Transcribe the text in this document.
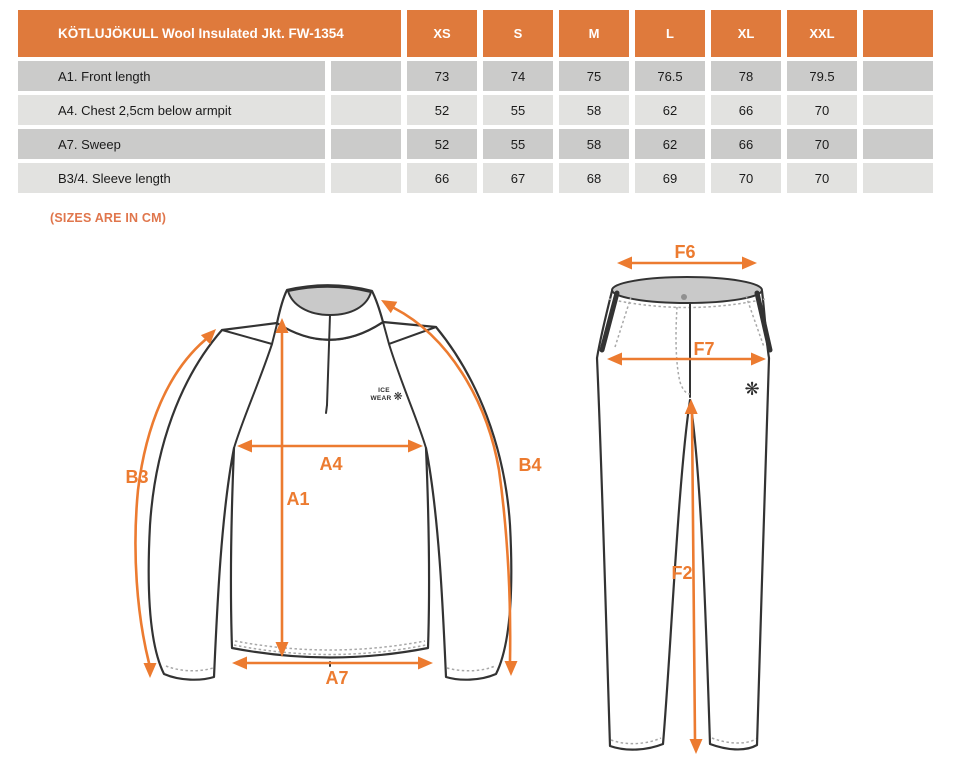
KÖTLUJÖKULL Wool Insulated Jkt. FW-1354		XS	S	M	L	XL	XXL	
A1. Front length		73	74	75	76.5	78	79.5	
A4. Chest 2,5cm below armpit		52	55	58	62	66	70	
A7. Sweep		52	55	58	62	66	70	
B3/4. Sleeve length		66	67	68	69	70	70	
(SIZES ARE IN CM)
ICE
WEAR ❋
A1
A4
A7
B3
B4
❋
F6
F7
F2
